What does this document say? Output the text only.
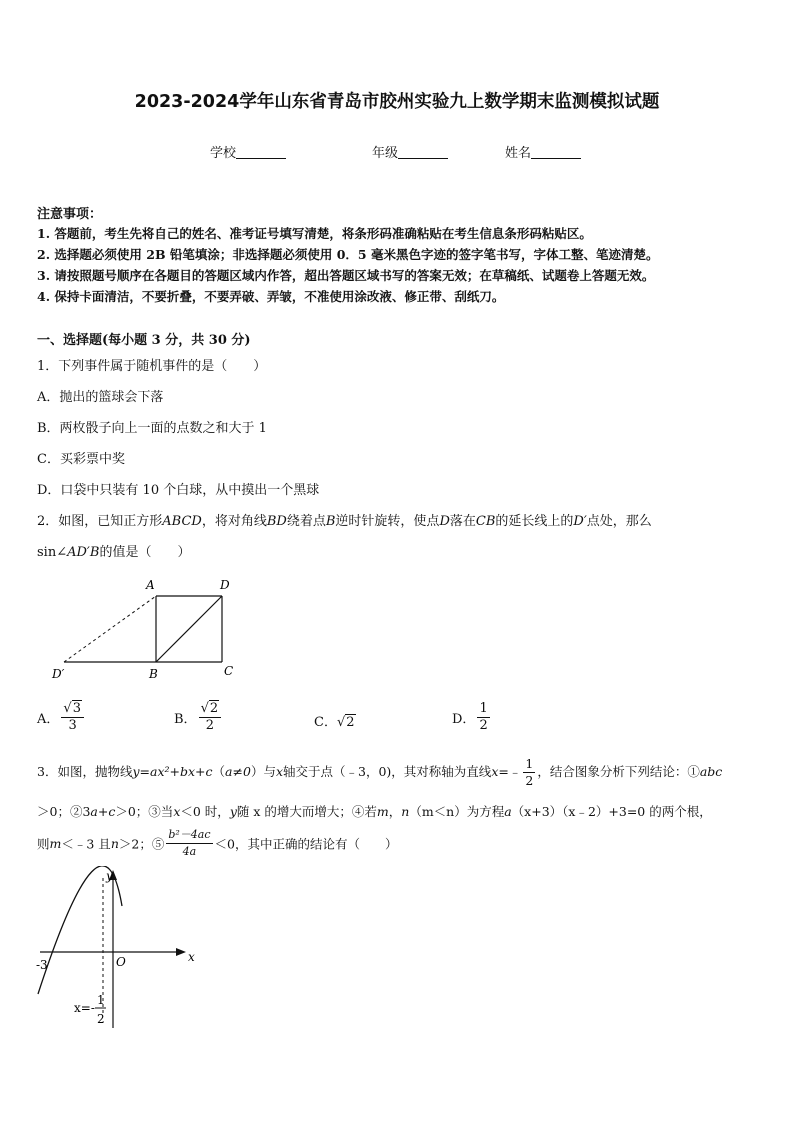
2023-2024学年山东省青岛市胶州实验九上数学期末监测模拟试题
学校	年级	姓名
注意事项：
1. 答题前，考生先将自己的姓名、准考证号填写清楚，将条形码准确粘贴在考生信息条形码粘贴区。
2. 选择题必须使用 2B 铅笔填涂；非选择题必须使用 0．5 毫米黑色字迹的签字笔书写，字体工整、笔迹清楚。
3. 请按照题号顺序在各题目的答题区域内作答，超出答题区域书写的答案无效；在草稿纸、试题卷上答题无效。
4. 保持卡面清洁，不要折叠，不要弄破、弄皱，不准使用涂改液、修正带、刮纸刀。
一、选择题(每小题 3 分，共 30 分)
1．下列事件属于随机事件的是（　　）
A．抛出的篮球会下落
B．两枚骰子向上一面的点数之和大于 1
C．买彩票中奖
D．口袋中只装有 10 个白球，从中摸出一个黑球
2．如图，已知正方形ABCD，将对角线BD绕着点B逆时针旋转，使点D落在CB的延长线上的D′点处，那么
sin∠AD′B的值是（　　）
A	D
D′	B	C
A． $\frac{√3}{3}$	B． $\frac{√2}{2}$	C．√2	D． $\frac{1}{2}$
3．如图，抛物线y=ax²+bx+c（a≠0）与x轴交于点（﹣3，0)，其对称轴为直线x=﹣ $\frac{1}{2}$ ，结合图象分析下列结论：①abc
＞0；②3a+c＞0；③当x＜0 时，y随 x 的增大而增大；④若m，n（m＜n）为方程a（x+3）（x﹣2）+3=0 的两个根，
则m＜﹣3 且n＞2；⑤ $\frac{\text{b²－4ac}}{4a} <0$，其中正确的结论有（　　）
y
x
O
-3
x=-
1
2
